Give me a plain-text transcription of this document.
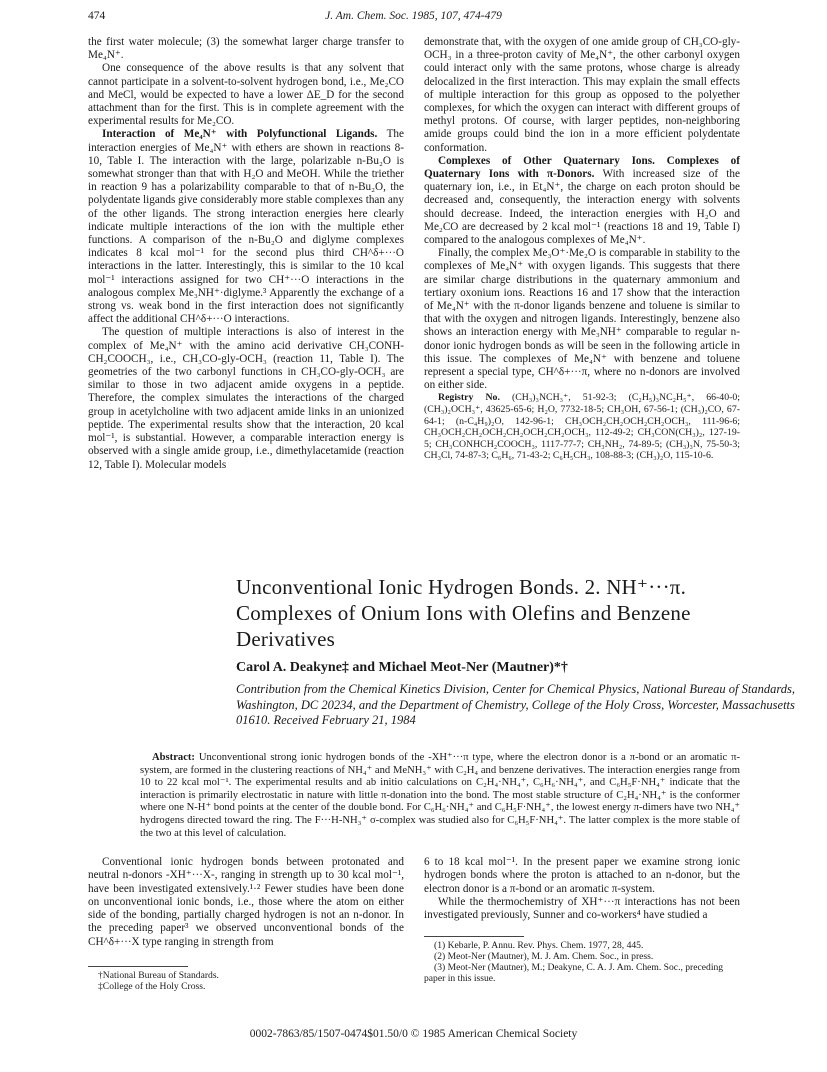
474	J. Am. Chem. Soc. 1985, 107, 474-479

the first water molecule; (3) the somewhat larger charge transfer to Me₄N⁺.

One consequence of the above results is that any solvent that cannot participate in a solvent-to-solvent hydrogen bond, i.e., Me₂CO and MeCl, would be expected to have a lower ΔE_D for the second attachment than for the first. This is in complete agreement with the experimental results for Me₂CO.

Interaction of Me₄N⁺ with Polyfunctional Ligands. The interaction energies of Me₄N⁺ with ethers are shown in reactions 8-10, Table I. The interaction with the large, polarizable n-Bu₂O is somewhat stronger than that with H₂O and MeOH. While the triether in reaction 9 has a polarizability comparable to that of n-Bu₂O, the polydentate ligands give considerably more stable complexes than any of the other ligands. The strong interaction energies here clearly indicate multiple interactions of the ion with the multiple ether functions. A comparison of the n-Bu₂O and diglyme complexes indicates 8 kcal mol⁻¹ for the second plus third CH^δ+···O interactions in the latter. Interestingly, this is similar to the 10 kcal mol⁻¹ interactions assigned for two CH⁺···O interactions in the analogous complex Me₃NH⁺·diglyme.³ Apparently the exchange of a strong vs. weak bond in the first interaction does not significantly affect the additional CH^δ+···O interactions.

The question of multiple interactions is also of interest in the complex of Me₄N⁺ with the amino acid derivative CH₃CONH-CH₂COOCH₃, i.e., CH₃CO-gly-OCH₃ (reaction 11, Table I). The geometries of the two carbonyl functions in CH₃CO-gly-OCH₃ are similar to those in two adjacent amide oxygens in a peptide. Therefore, the complex simulates the interactions of the charged group in acetylcholine with two adjacent amide links in an unionized peptide. The experimental results show that the interaction, 20 kcal mol⁻¹, is substantial. However, a comparable interaction energy is observed with a single amide group, i.e., dimethylacetamide (reaction 12, Table I). Molecular models

demonstrate that, with the oxygen of one amide group of CH₃CO-gly-OCH₃ in a three-proton cavity of Me₄N⁺, the other carbonyl oxygen could interact only with the same protons, whose charge is already delocalized in the first interaction. This may explain the small effects of multiple interaction for this group as opposed to the polyether complexes, for which the oxygen can interact with different groups of methyl protons. Of course, with larger peptides, non-neighboring amide groups could bind the ion in a more efficient polydentate conformation.

Complexes of Other Quaternary Ions. Complexes of Quaternary Ions with π-Donors. With increased size of the quaternary ion, i.e., in Et₄N⁺, the charge on each proton should be decreased and, consequently, the interaction energy with solvents should decrease. Indeed, the interaction energies with H₂O and Me₂CO are decreased by 2 kcal mol⁻¹ (reactions 18 and 19, Table I) compared to the analogous complexes of Me₄N⁺.

Finally, the complex Me₃O⁺·Me₂O is comparable in stability to the complexes of Me₄N⁺ with oxygen ligands. This suggests that there are similar charge distributions in the quaternary ammonium and tertiary oxonium ions. Reactions 16 and 17 show that the interaction of Me₄N⁺ with the π-donor ligands benzene and toluene is similar to that with the oxygen and nitrogen ligands. Interestingly, benzene also shows an interaction energy with Me₃NH⁺ comparable to regular n-donor ionic hydrogen bonds as will be seen in the following article in this issue. The complexes of Me₄N⁺ with benzene and toluene represent a special type, CH^δ+···π, where no n-donors are involved on either side.

Registry No. (CH₃)₃NCH₃⁺, 51-92-3; (C₂H₅)₃NC₂H₅⁺, 66-40-0; (CH₃)₂OCH₃⁺, 43625-65-6; H₂O, 7732-18-5; CH₃OH, 67-56-1; (CH₃)₂CO, 67-64-1; (n-C₄H₉)₂O, 142-96-1; CH₃OCH₂CH₂OCH₂CH₂OCH₃, 111-96-6; CH₃OCH₂CH₂OCH₂CH₂OCH₂CH₂OCH₃, 112-49-2; CH₃CON(CH₃)₂, 127-19-5; CH₃CONHCH₂COOCH₃, 1117-77-7; CH₃NH₂, 74-89-5; (CH₃)₃N, 75-50-3; CH₃Cl, 74-87-3; C₆H₆, 71-43-2; C₆H₅CH₃, 108-88-3; (CH₃)₂O, 115-10-6.

Unconventional Ionic Hydrogen Bonds. 2. NH⁺···π. Complexes of Onium Ions with Olefins and Benzene Derivatives
Carol A. Deakyne‡ and Michael Meot-Ner (Mautner)*†
Contribution from the Chemical Kinetics Division, Center for Chemical Physics, National Bureau of Standards, Washington, DC 20234, and the Department of Chemistry, College of the Holy Cross, Worcester, Massachusetts 01610. Received February 21, 1984
Abstract: Unconventional strong ionic hydrogen bonds of the -XH⁺···π type, where the electron donor is a π-bond or an aromatic π-system, are formed in the clustering reactions of NH₄⁺ and MeNH₃⁺ with C₂H₄ and benzene derivatives. The interaction energies range from 10 to 22 kcal mol⁻¹. The experimental results and ab initio calculations on C₂H₄·NH₄⁺, C₆H₆·NH₄⁺, and C₆H₅F·NH₄⁺ indicate that the interaction is primarily electrostatic in nature with little π-donation into the bond. The most stable structure of C₂H₄·NH₄⁺ is the conformer where one N-H⁺ bond points at the center of the double bond. For C₆H₆·NH₄⁺ and C₆H₅F·NH₄⁺, the lowest energy π-dimers have two NH₄⁺ hydrogens directed toward the ring. The F···H-NH₃⁺ σ-complex was studied also for C₆H₅F·NH₄⁺. The latter complex is the more stable of the two at this level of calculation.

Conventional ionic hydrogen bonds between protonated and neutral n-donors -XH⁺···X-, ranging in strength up to 30 kcal mol⁻¹, have been investigated extensively.¹·² Fewer studies have been done on unconventional ionic bonds, i.e., those where the atom on either side of the bonding, partially charged hydrogen is not an n-donor. In the preceding paper³ we observed unconventional bonds of the CH^δ+···X type ranging in strength from

†National Bureau of Standards.
‡College of the Holy Cross.

6 to 18 kcal mol⁻¹. In the present paper we examine strong ionic hydrogen bonds where the proton is attached to an n-donor, but the electron donor is a π-bond or an aromatic π-system.

While the thermochemistry of XH⁺···π interactions has not been investigated previously, Sunner and co-workers⁴ have studied a

(1) Kebarle, P. Annu. Rev. Phys. Chem. 1977, 28, 445.
(2) Meot-Ner (Mautner), M. J. Am. Chem. Soc., in press.
(3) Meot-Ner (Mautner), M.; Deakyne, C. A. J. Am. Chem. Soc., preceding paper in this issue.
0002-7863/85/1507-0474$01.50/0 © 1985 American Chemical Society
